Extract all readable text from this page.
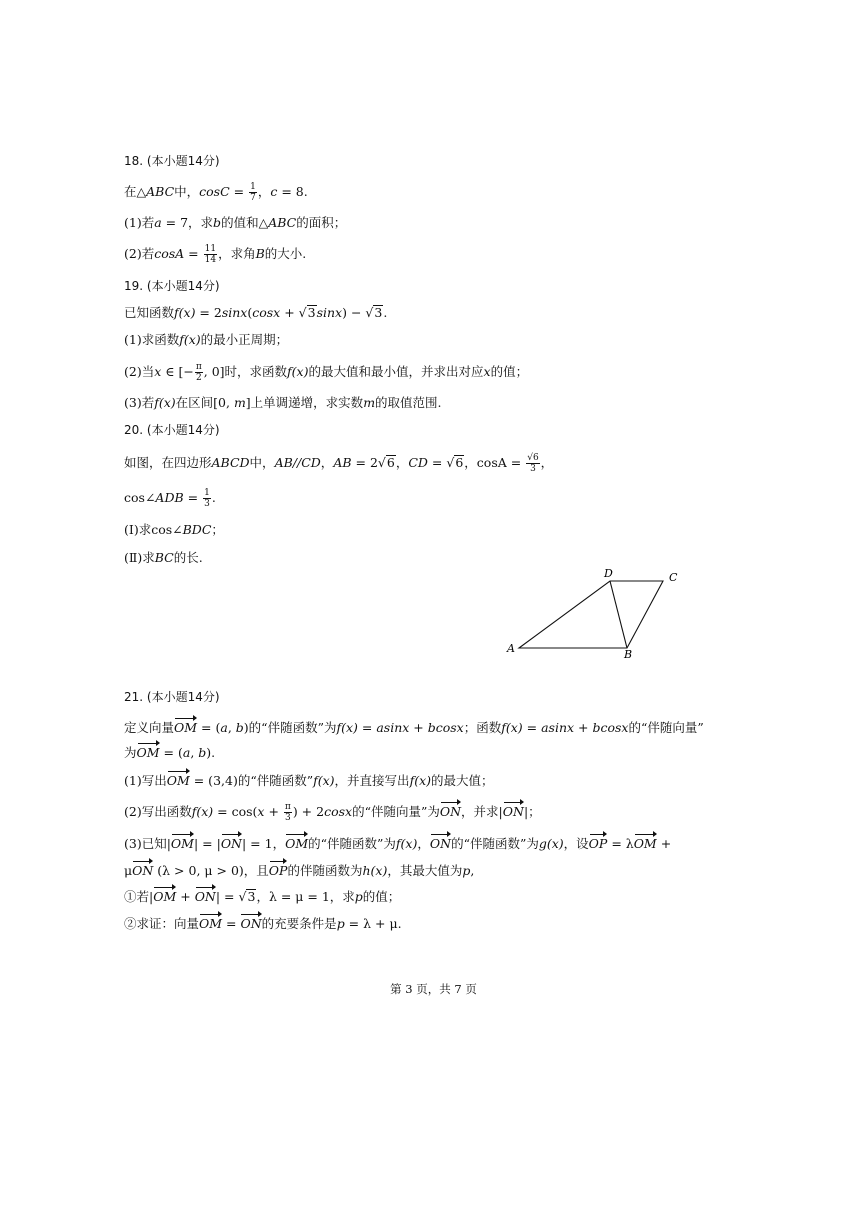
18. (本小题14分)
在△ABC中，$\cos C = \frac{1}{7}$ ，c = 8.
(1)若a = 7，求b的值和△ABC的面积；
(2)若$\cos A = \frac{11}{14}$ ，求角B的大小.
19. (本小题14分)
已知函数f(x) = 2sinx(cosx + √3sinx) − √3.
(1)求函数f(x)的最小正周期；
(2)当x ∈ [− $\frac{\pi}{2}$ , 0]时，求函数f(x)的最大值和最小值，并求出对应x的值；
(3)若f(x)在区间[0, m]上单调递增，求实数m的取值范围.
20. (本小题14分)
如图，在四边形ABCD中，AB//CD，AB = 2√6，CD = √6，$\cos A = \frac{√6}{3}$ ，
cos∠ADB = $\frac{1}{3}$ .
(Ⅰ)求cos∠BDC；
(Ⅱ)求BC的长.
A	B
C
D
21. (本小题14分)
定义向量OM = (a, b)的“伴随函数”为f(x) = asinx + bcosx；函数f(x) = asinx + bcosx的“伴随向量”
为OM = (a, b).
(1)写出OM = (3,4)的“伴随函数”f(x)，并直接写出f(x)的最大值；
(2)写出函数$f(x) = \cos(x + \frac{\pi}{3}$ ) + 2cosx的“伴随向量”为ON，并求|ON|；
(3)已知|OM| = |ON| = 1，OM的“伴随函数”为f(x)，ON的“伴随函数”为g(x)，设OP = λOM +
μON (λ > 0, μ > 0)，且OP的伴随函数为h(x)，其最大值为p,
①若|OM + ON| = √3，λ = μ = 1，求p的值；
②求证：向量OM = ON的充要条件是p = λ + μ.
第 3 页，共 7 页
